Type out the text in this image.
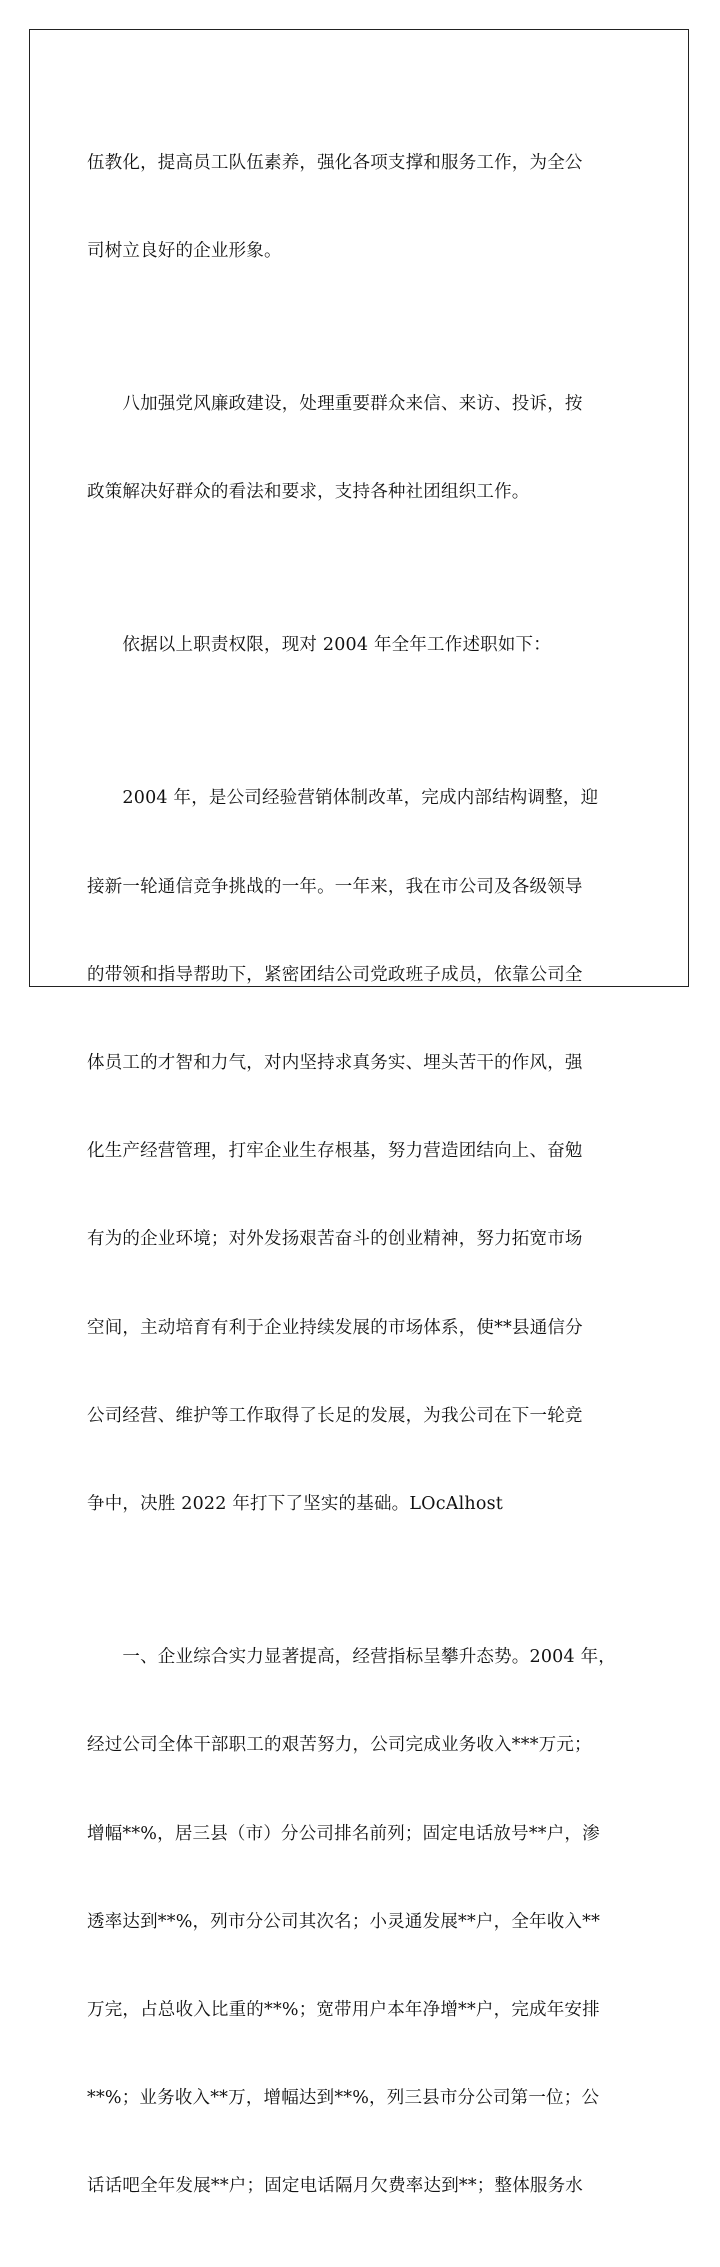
伍教化，提高员工队伍素养，强化各项支撑和服务工作，为全公

司树立良好的企业形象。

　　八加强党风廉政建设，处理重要群众来信、来访、投诉，按

政策解决好群众的看法和要求，支持各种社团组织工作。

　　依据以上职责权限，现对 2004 年全年工作述职如下：

　　2004 年，是公司经验营销体制改革，完成内部结构调整，迎

接新一轮通信竞争挑战的一年。一年来，我在市公司及各级领导

的带领和指导帮助下，紧密团结公司党政班子成员，依靠公司全

体员工的才智和力气，对内坚持求真务实、埋头苦干的作风，强

化生产经营管理，打牢企业生存根基，努力营造团结向上、奋勉

有为的企业环境；对外发扬艰苦奋斗的创业精神，努力拓宽市场

空间，主动培育有利于企业持续发展的市场体系，使**县通信分

公司经营、维护等工作取得了长足的发展，为我公司在下一轮竞

争中，决胜 2022 年打下了坚实的基础。LOcAlhost

　　一、企业综合实力显著提高，经营指标呈攀升态势。2004 年，

经过公司全体干部职工的艰苦努力，公司完成业务收入***万元；

增幅**%，居三县（市）分公司排名前列；固定电话放号**户，渗

透率达到**%，列市分公司其次名；小灵通发展**户，全年收入**

万完，占总收入比重的**%；宽带用户本年净增**户，完成年安排

**%；业务收入**万，增幅达到**%，列三县市分公司第一位；公

话话吧全年发展**户；固定电话隔月欠费率达到**；整体服务水
